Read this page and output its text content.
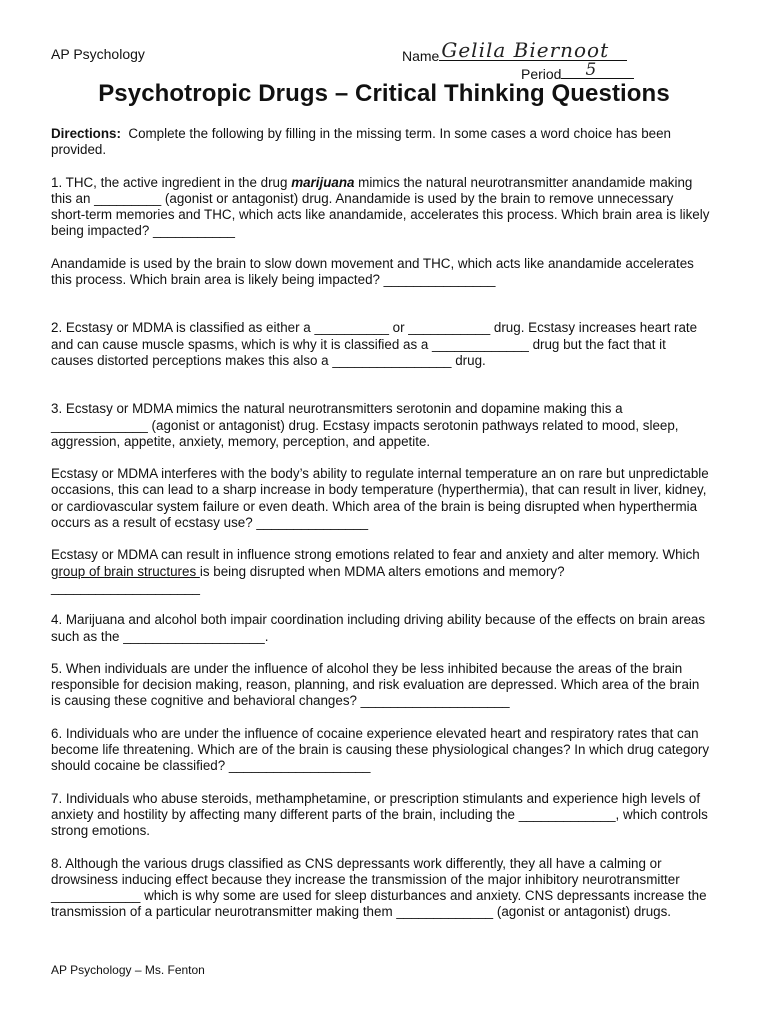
AP Psychology	Name Gelila Biernoot
Period 5
Psychotropic Drugs – Critical Thinking Questions

Directions: Complete the following by filling in the missing term. In some cases a word choice has been provided.

1. THC, the active ingredient in the drug marijuana mimics the natural neurotransmitter anandamide making this an _________ (agonist or antagonist) drug. Anandamide is used by the brain to remove unnecessary short-term memories and THC, which acts like anandamide, accelerates this process. Which brain area is likely being impacted? ___________

Anandamide is used by the brain to slow down movement and THC, which acts like anandamide accelerates this process. Which brain area is likely being impacted? _______________

2. Ecstasy or MDMA is classified as either a __________ or ___________ drug. Ecstasy increases heart rate and can cause muscle spasms, which is why it is classified as a _____________ drug but the fact that it causes distorted perceptions makes this also a ________________ drug.

3. Ecstasy or MDMA mimics the natural neurotransmitters serotonin and dopamine making this a _____________ (agonist or antagonist) drug. Ecstasy impacts serotonin pathways related to mood, sleep, aggression, appetite, anxiety, memory, perception, and appetite.

Ecstasy or MDMA interferes with the body’s ability to regulate internal temperature an on rare but unpredictable occasions, this can lead to a sharp increase in body temperature (hyperthermia), that can result in liver, kidney, or cardiovascular system failure or even death. Which area of the brain is being disrupted when hyperthermia occurs as a result of ecstasy use? _______________

Ecstasy or MDMA can result in influence strong emotions related to fear and anxiety and alter memory. Which group of brain structures is being disrupted when MDMA alters emotions and memory? ____________________

4. Marijuana and alcohol both impair coordination including driving ability because of the effects on brain areas such as the ___________________.

5. When individuals are under the influence of alcohol they be less inhibited because the areas of the brain responsible for decision making, reason, planning, and risk evaluation are depressed. Which area of the brain is causing these cognitive and behavioral changes? ____________________

6. Individuals who are under the influence of cocaine experience elevated heart and respiratory rates that can become life threatening. Which are of the brain is causing these physiological changes? In which drug category should cocaine be classified? ___________________

7. Individuals who abuse steroids, methamphetamine, or prescription stimulants and experience high levels of anxiety and hostility by affecting many different parts of the brain, including the _____________, which controls strong emotions.

8. Although the various drugs classified as CNS depressants work differently, they all have a calming or drowsiness inducing effect because they increase the transmission of the major inhibitory neurotransmitter ____________ which is why some are used for sleep disturbances and anxiety. CNS depressants increase the transmission of a particular neurotransmitter making them _____________ (agonist or antagonist) drugs.

AP Psychology – Ms. Fenton
